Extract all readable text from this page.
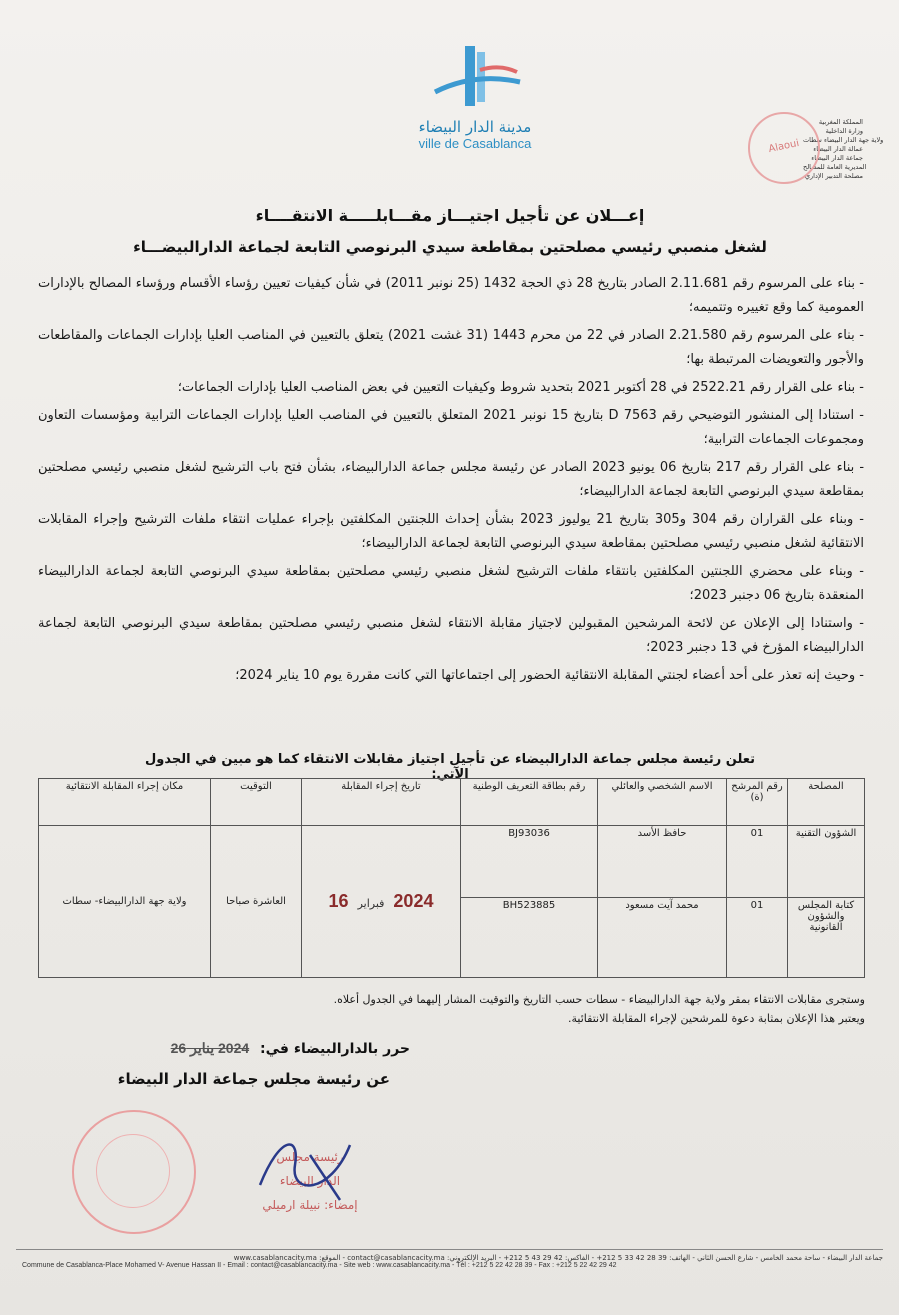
مدينة الدار البيضاء
ville de Casablanca
المملكة المغربية
وزارة الداخلية
ولاية جهة الدار البيضاء سطات
عمالة الدار البيضاء
جماعة الدار البيضاء
المديرية العامة للمصالح
مصلحة التدبير الإداري
Alaoui
إعـــلان عن تأجيل اجتيـــاز مقـــابلـــــة الانتقــــاء
لشغل منصبي رئيسي مصلحتين بمقاطعة سيدي البرنوصي التابعة لجماعة الدارالبيضـــاء

- بناء على المرسوم رقم 2.11.681 الصادر بتاريخ 28 ذي الحجة 1432 (25 نونبر 2011) في شأن كيفيات تعيين رؤساء الأقسام ورؤساء المصالح بالإدارات العمومية كما وقع تغييره وتتميمه؛

- بناء على المرسوم رقم 2.21.580 الصادر في 22 من محرم 1443 (31 غشت 2021) يتعلق بالتعيين في المناصب العليا بإدارات الجماعات والمقاطعات والأجور والتعويضات المرتبطة بها؛

- بناء على القرار رقم 2522.21 في 28 أكتوبر 2021 بتحديد شروط وكيفيات التعيين في بعض المناصب العليا بإدارات الجماعات؛

- استنادا إلى المنشور التوضيحي رقم D 7563 بتاريخ 15 نونبر 2021 المتعلق بالتعيين في المناصب العليا بإدارات الجماعات الترابية ومؤسسات التعاون ومجموعات الجماعات الترابية؛

- بناء على القرار رقم 217 بتاريخ 06 يونيو 2023 الصادر عن رئيسة مجلس جماعة الدارالبيضاء، بشأن فتح باب الترشيح لشغل منصبي رئيسي مصلحتين بمقاطعة سيدي البرنوصي التابعة لجماعة الدارالبيضاء؛

- وبناء على القراران رقم 304 و305 بتاريخ 21 يوليوز 2023 بشأن إحداث اللجنتين المكلفتين بإجراء عمليات انتقاء ملفات الترشيح وإجراء المقابلات الانتقائية لشغل منصبي رئيسي مصلحتين بمقاطعة سيدي البرنوصي التابعة لجماعة الدارالبيضاء؛

- وبناء على محضري اللجنتين المكلفتين بانتقاء ملفات الترشيح لشغل منصبي رئيسي مصلحتين بمقاطعة سيدي البرنوصي التابعة لجماعة الدارالبيضاء المنعقدة بتاريخ 06 دجنبر 2023؛

- واستنادا إلى الإعلان عن لائحة المرشحين المقبولين لاجتياز مقابلة الانتقاء لشغل منصبي رئيسي مصلحتين بمقاطعة سيدي البرنوصي التابعة لجماعة الدارالبيضاء المؤرخ في 13 دجنبر 2023؛

- وحيث إنه تعذر على أحد أعضاء لجنتي المقابلة الانتقائية الحضور إلى اجتماعاتها التي كانت مقررة يوم 10 يناير 2024؛

تعلن رئيسة مجلس جماعة الدارالبيضاء عن تأجيل اجتياز مقابلات الانتقاء كما هو مبين في الجدول الآتي:
المصلحة	رقم المرشح (ة)	الاسم الشخصي والعائلي	رقم بطاقة التعريف الوطنية	تاريخ إجراء المقابلة	التوقيت	مكان إجراء المقابلة الانتقائية
الشؤون التقنية	01	حافظ الأسد	BJ93036	2024 فبراير 16	العاشرة صباحا	ولاية جهة الدارالبيضاء- سطات
كتابة المجلس والشؤون القانونية	01	محمد آيت مسعود	BH523885			
وستجرى مقابلات الانتقاء بمقر ولاية جهة الدارالبيضاء - سطات حسب التاريخ والتوقيت المشار إليهما في الجدول أعلاه.
ويعتبر هذا الإعلان بمثابة دعوة للمرشحين لإجراء المقابلة الانتقائية.
حرر بالدارالبيضاء في: 2024 يناير 26
عن رئيسة مجلس جماعة الدار البيضاء
رئيسة مجلس
الدار البيضاء
إمضاء: نبيلة ارميلي
جماعة الدار البيضاء - ساحة محمد الخامس - شارع الحسن الثاني - الهاتف: 39 28 42 33 5 212+ - الفاكس: 42 29 43 5 212+ - البريد الإلكتروني: contact@casablancacity.ma - الموقع: www.casablancacity.ma
Commune de Casablanca-Place Mohamed V- Avenue Hassan II - Email : contact@casablancacity.ma - Site web : www.casablancacity.ma - Tél : +212 5 22 42 28 39 - Fax : +212 5 22 42 29 42
